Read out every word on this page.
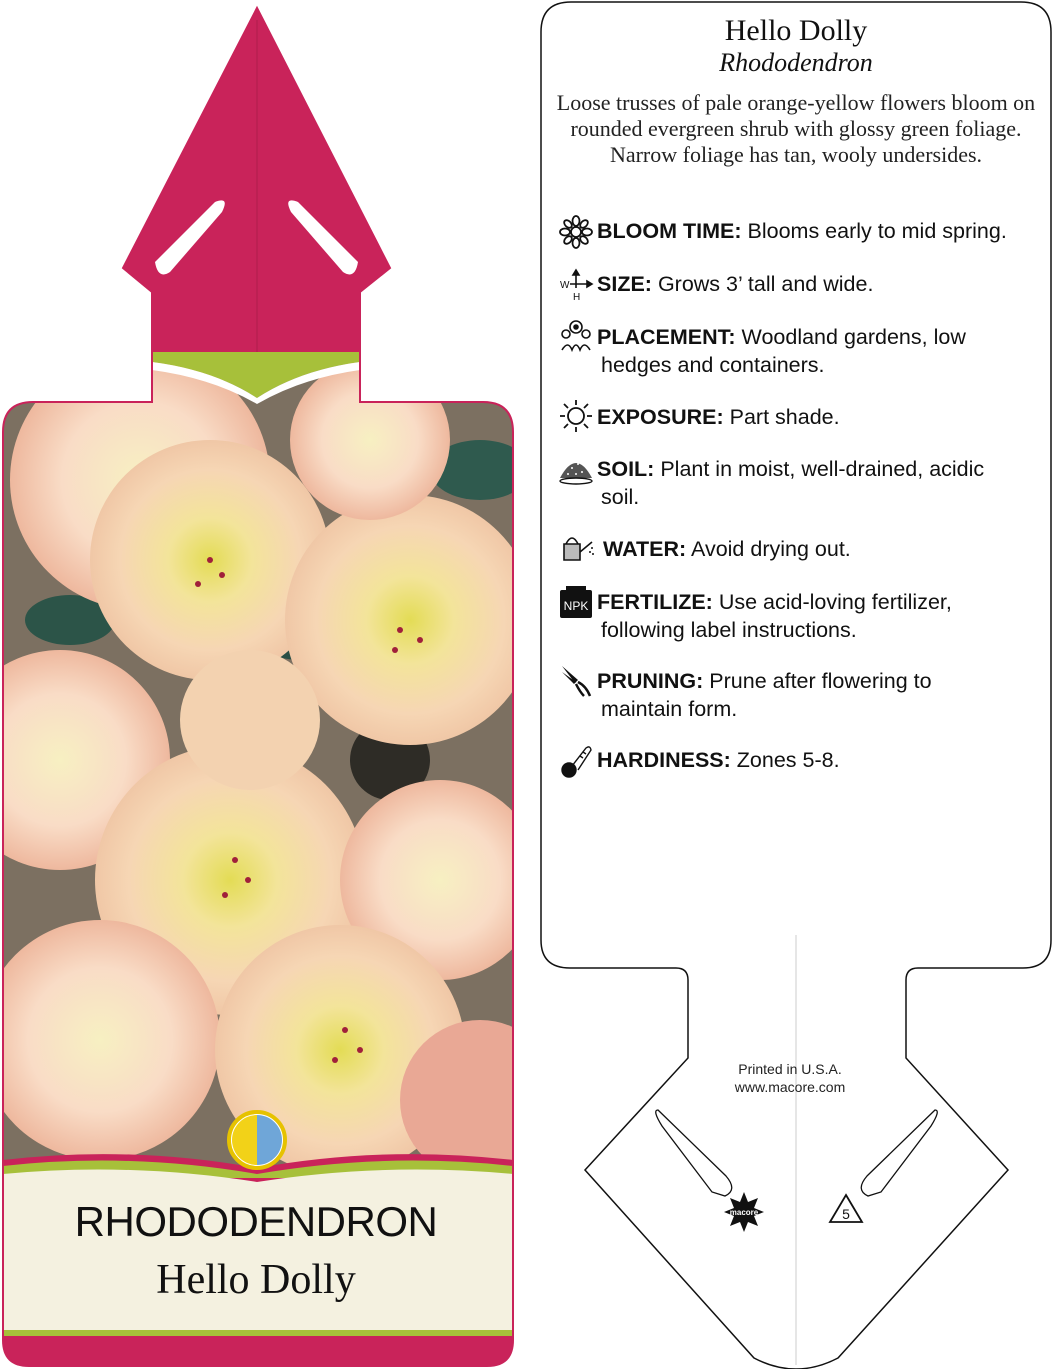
RHODODENDRON
Hello Dolly
macore	5
Hello Dolly
Rhododendron
Loose trusses of pale orange-yellow flowers bloom on rounded evergreen shrub with glossy green foliage. Narrow foliage has tan, wooly undersides.
BLOOM TIME: Blooms early to mid spring.
W
H
SIZE: Grows 3’ tall and wide.
PLACEMENT: Woodland gardens, low
hedges and containers.
EXPOSURE: Part shade.
SOIL: Plant in moist, well-drained, acidic
soil.
WATER: Avoid drying out.
NPK FERTILIZE: Use acid-loving fertilizer,
following label instructions.
PRUNING: Prune after flowering to
maintain form.
HARDINESS: Zones 5-8.
Printed in U.S.A.
www.macore.com
